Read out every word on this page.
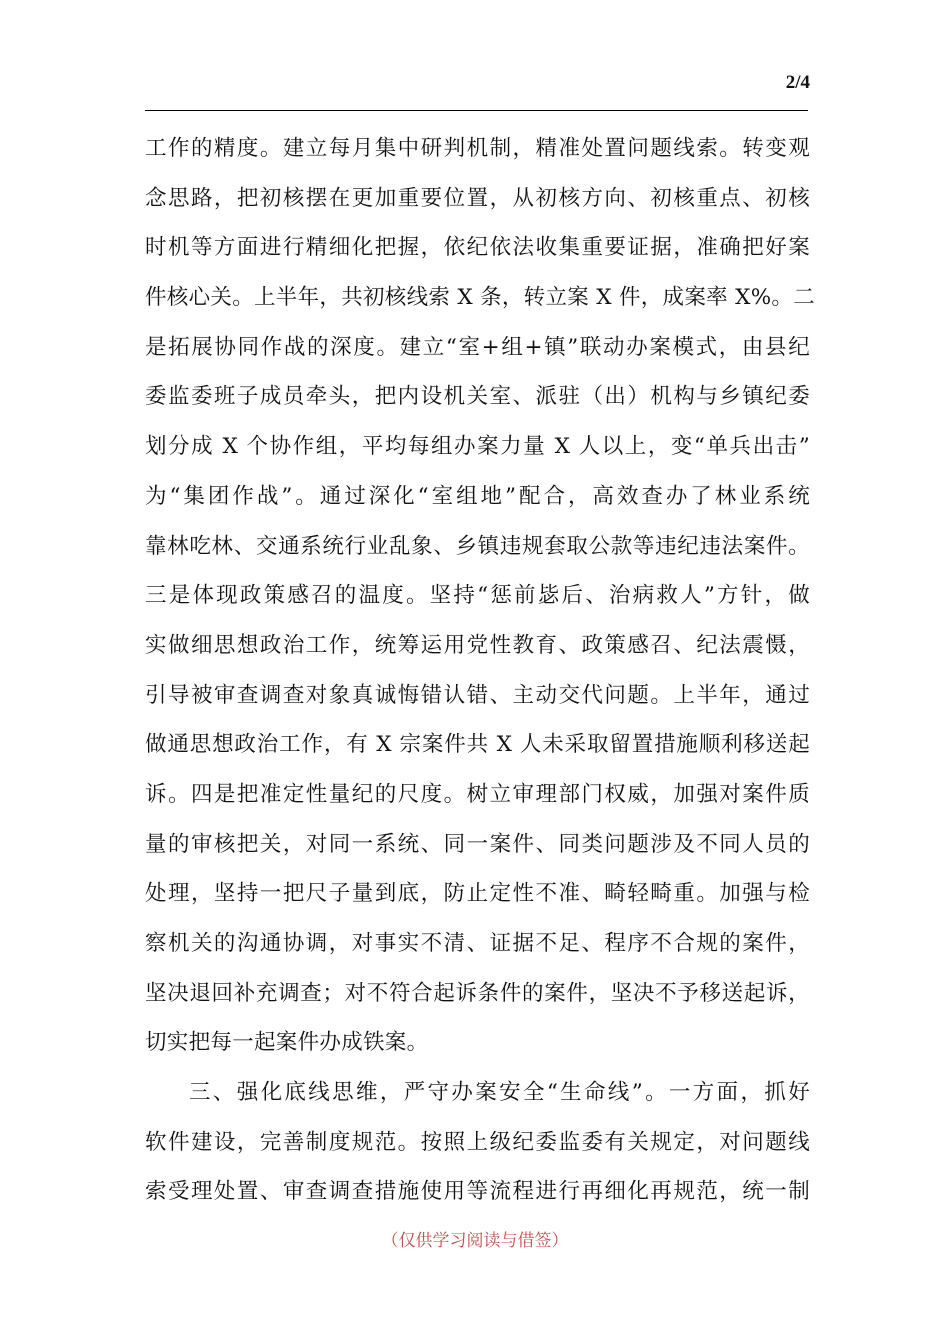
2/4
工作的精度。建立每月集中研判机制，精准处置问题线索。转变观
念思路，把初核摆在更加重要位置，从初核方向、初核重点、初核
时机等方面进行精细化把握，依纪依法收集重要证据，准确把好案
件核心关。上半年，共初核线索 X 条，转立案 X 件，成案率 X%。二
是拓展协同作战的深度。建立“室+组+镇”联动办案模式，由县纪
委监委班子成员牵头，把内设机关室、派驻（出）机构与乡镇纪委
划分成 X 个协作组，平均每组办案力量 X 人以上，变“单兵出击”
为“集团作战”。通过深化“室组地”配合，高效查办了林业系统
靠林吃林、交通系统行业乱象、乡镇违规套取公款等违纪违法案件。
三是体现政策感召的温度。坚持“惩前毖后、治病救人”方针，做
实做细思想政治工作，统筹运用党性教育、政策感召、纪法震慑，
引导被审查调查对象真诚悔错认错、主动交代问题。上半年，通过
做通思想政治工作，有 X 宗案件共 X 人未采取留置措施顺利移送起
诉。四是把准定性量纪的尺度。树立审理部门权威，加强对案件质
量的审核把关，对同一系统、同一案件、同类问题涉及不同人员的
处理，坚持一把尺子量到底，防止定性不准、畸轻畸重。加强与检
察机关的沟通协调，对事实不清、证据不足、程序不合规的案件，
坚决退回补充调查；对不符合起诉条件的案件，坚决不予移送起诉，
切实把每一起案件办成铁案。
三、强化底线思维，严守办案安全“生命线”。一方面，抓好
软件建设，完善制度规范。按照上级纪委监委有关规定，对问题线
索受理处置、审查调查措施使用等流程进行再细化再规范，统一制
（仅供学习阅读与借签）
